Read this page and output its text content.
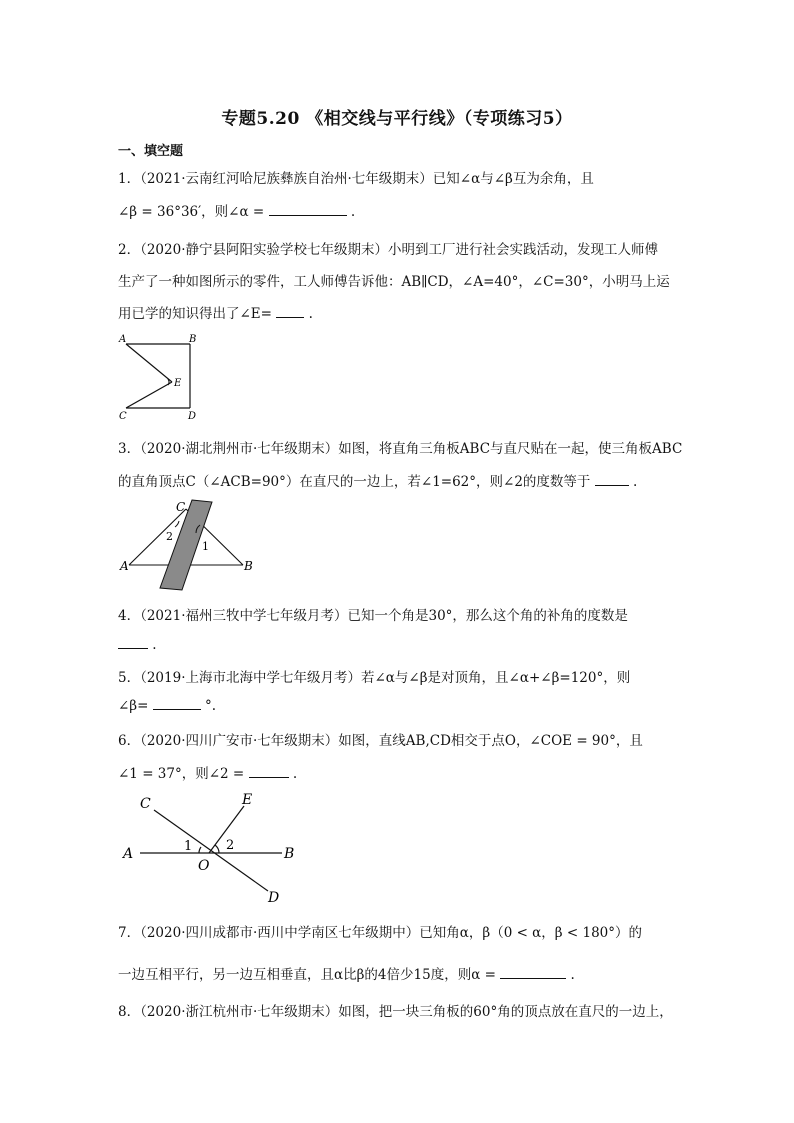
专题5.20 《相交线与平行线》（专项练习5）
一、填空题
1．（2021·云南红河哈尼族彝族自治州·七年级期末）已知∠α与∠β互为余角，且
∠β = 36°36′，则∠α =	.
2．（2020·静宁县阿阳实验学校七年级期末）小明到工厂进行社会实践活动，发现工人师傅
生产了一种如图所示的零件，工人师傅告诉他：AB∥CD，∠A=40°，∠C=30°，小明马上运
用已学的知识得出了∠E=	.
A	B
C	D
E
3．（2020·湖北荆州市·七年级期末）如图，将直角三角板ABC与直尺贴在一起，使三角板ABC
的直角顶点C（∠ACB=90°）在直尺的一边上，若∠1=62°，则∠2的度数等于	.
C
A	B
2
1
4．（2021·福州三牧中学七年级月考）已知一个角是30°，那么这个角的补角的度数是
.
5．（2019·上海市北海中学七年级月考）若∠α与∠β是对顶角，且∠α+∠β=120°，则
∠β=	°.
6．（2020·四川广安市·七年级期末）如图，直线AB,CD相交于点O，∠COE = 90°，且
∠1 = 37°，则∠2 =	.
C	E
A	B
O
D
1	2
7．（2020·四川成都市·西川中学南区七年级期中）已知角α，β（0 < α，β < 180°）的
一边互相平行，另一边互相垂直，且α比β的4倍少15度，则α =	.
8．（2020·浙江杭州市·七年级期末）如图，把一块三角板的60°角的顶点放在直尺的一边上，
